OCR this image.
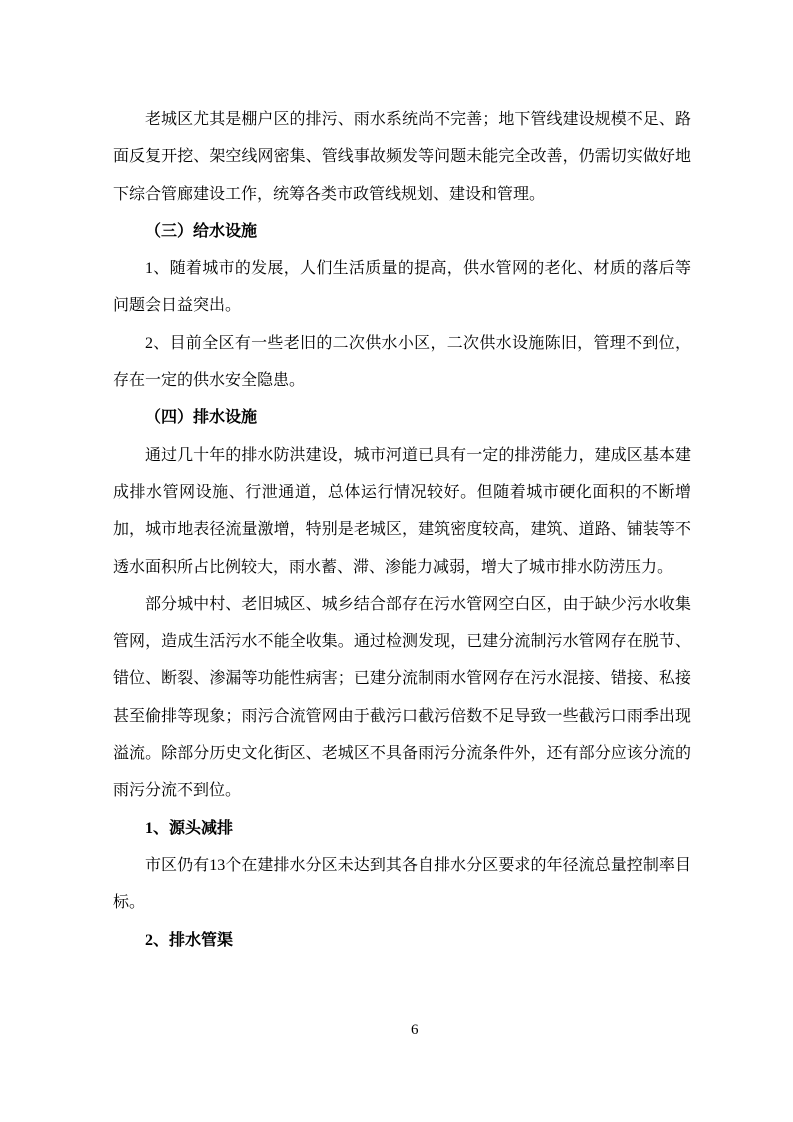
老城区尤其是棚户区的排污、雨水系统尚不完善；地下管线建设规模不足、路面反复开挖、架空线网密集、管线事故频发等问题未能完全改善，仍需切实做好地下综合管廊建设工作，统筹各类市政管线规划、建设和管理。

（三）给水设施

1、随着城市的发展，人们生活质量的提高，供水管网的老化、材质的落后等问题会日益突出。

2、目前全区有一些老旧的二次供水小区，二次供水设施陈旧，管理不到位，存在一定的供水安全隐患。

（四）排水设施

通过几十年的排水防洪建设，城市河道已具有一定的排涝能力，建成区基本建成排水管网设施、行泄通道，总体运行情况较好。但随着城市硬化面积的不断增加，城市地表径流量激增，特别是老城区，建筑密度较高，建筑、道路、铺装等不透水面积所占比例较大，雨水蓄、滞、渗能力减弱，增大了城市排水防涝压力。

部分城中村、老旧城区、城乡结合部存在污水管网空白区，由于缺少污水收集管网，造成生活污水不能全收集。通过检测发现，已建分流制污水管网存在脱节、错位、断裂、渗漏等功能性病害；已建分流制雨水管网存在污水混接、错接、私接甚至偷排等现象；雨污合流管网由于截污口截污倍数不足导致一些截污口雨季出现溢流。除部分历史文化街区、老城区不具备雨污分流条件外，还有部分应该分流的雨污分流不到位。

1、源头减排

市区仍有13个在建排水分区未达到其各自排水分区要求的年径流总量控制率目标。

2、排水管渠

6
